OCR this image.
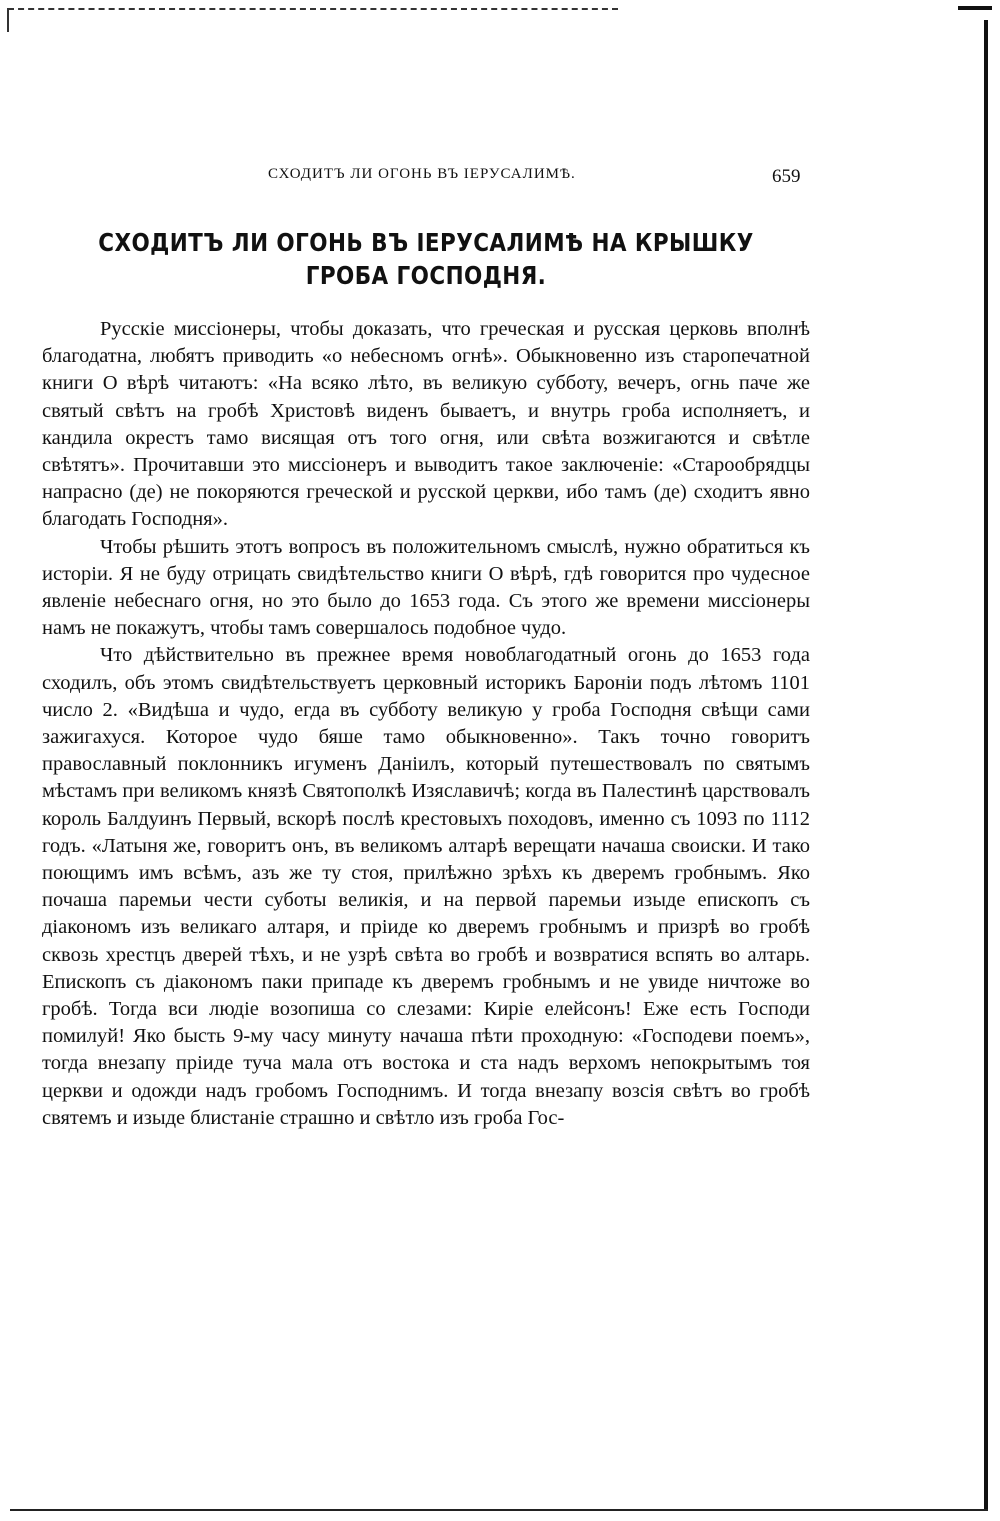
СХОДИТЪ ЛИ ОГОНЬ ВЪ ІЕРУСАЛИМѢ.	659
СХОДИТЪ ЛИ ОГОНЬ ВЪ ІЕРУСАЛИМѢ НА КРЫШКУ ГРОБА ГОСПОДНЯ.

Русскіе миссіонеры, чтобы доказать, что греческая и русская церковь вполнѣ благодатна, любятъ приводить «о небесномъ огнѣ». Обыкновенно изъ старопечатной книги О вѣрѣ читаютъ: «На всяко лѣто, въ великую субботу, вечеръ, огнь паче же святый свѣтъ на гробѣ Христовѣ виденъ бываетъ, и внутрь гроба исполняетъ, и кандила окрестъ тамо висящая отъ того огня, или свѣта возжигаются и свѣтле свѣтятъ». Прочитавши это миссіонеръ и выводитъ такое заключеніе: «Старообрядцы напрасно (де) не покоряются греческой и русской церкви, ибо тамъ (де) сходитъ явно благодать Господня».

Чтобы рѣшить этотъ вопросъ въ положительномъ смыслѣ, нужно обратиться къ исторіи. Я не буду отрицать свидѣтельство книги О вѣрѣ, гдѣ говорится про чудесное явленіе небеснаго огня, но это было до 1653 года. Съ этого же времени миссіонеры намъ не покажутъ, чтобы тамъ совершалось подобное чудо.

Что дѣйствительно въ прежнее время новоблагодатный огонь до 1653 года сходилъ, объ этомъ свидѣтельствуетъ церковный историкъ Бароніи подъ лѣтомъ 1101 число 2. «Видѣша и чудо, егда въ субботу великую у гроба Господня свѣщи сами зажигахуся. Которое чудо бяше тамо обыкновенно». Такъ точно говоритъ православный поклонникъ игуменъ Даніилъ, который путешествовалъ по святымъ мѣстамъ при великомъ князѣ Святополкѣ Изяславичѣ; когда въ Палестинѣ царствовалъ король Балдуинъ Первый, вскорѣ послѣ крестовыхъ походовъ, именно съ 1093 по 1112 годъ. «Латыня же, говоритъ онъ, въ великомъ алтарѣ верещати начаша своиски. И тако поющимъ имъ всѣмъ, азъ же ту стоя, прилѣжно зрѣхъ къ дверемъ гробнымъ. Яко почаша паремьи чести суботы великія, и на первой паремьи изыде епископъ съ діакономъ изъ великаго алтаря, и пріиде ко дверемъ гробнымъ и призрѣ во гробѣ сквозь хрестцъ дверей тѣхъ, и не узрѣ свѣта во гробѣ и возвратися вспять во алтарь. Епископъ съ діакономъ паки припаде къ дверемъ гробнымъ и не увиде ничтоже во гробѣ. Тогда вси людіе возопиша со слезами: Киріе елейсонъ! Еже есть Господи помилуй! Яко бысть 9-му часу минуту начаша пѣти проходную: «Господеви поемъ», тогда внезапу пріиде туча мала отъ востока и ста надъ верхомъ непокрытымъ тоя церкви и одожди надъ гробомъ Господнимъ. И тогда внезапу возсія свѣтъ во гробѣ святемъ и изыде блистаніе страшно и свѣтло изъ гроба Гос-
